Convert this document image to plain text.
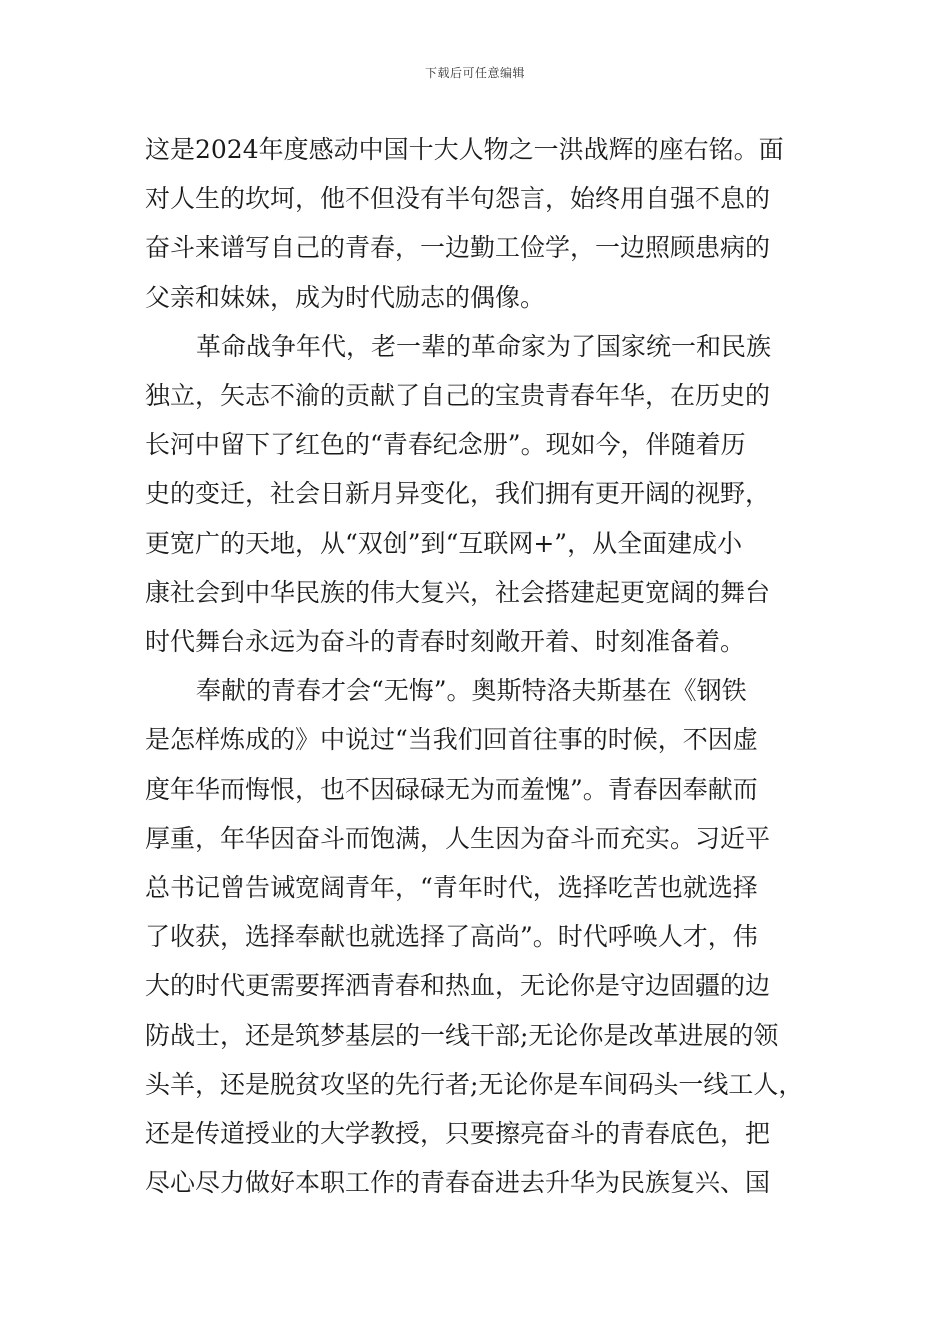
下载后可任意编辑
这是2024年度感动中国十大人物之一洪战辉的座右铭。面
对人生的坎坷，他不但没有半句怨言，始终用自强不息的
奋斗来谱写自己的青春，一边勤工俭学，一边照顾患病的
父亲和妹妹，成为时代励志的偶像。
革命战争年代，老一辈的革命家为了国家统一和民族
独立，矢志不渝的贡献了自己的宝贵青春年华，在历史的
长河中留下了红色的“青春纪念册”。现如今，伴随着历
史的变迁，社会日新月异变化，我们拥有更开阔的视野，
更宽广的天地，从“双创”到“互联网+”，从全面建成小
康社会到中华民族的伟大复兴，社会搭建起更宽阔的舞台
时代舞台永远为奋斗的青春时刻敞开着、时刻准备着。
奉献的青春才会“无悔”。奥斯特洛夫斯基在《钢铁
是怎样炼成的》中说过“当我们回首往事的时候，不因虚
度年华而悔恨，也不因碌碌无为而羞愧”。青春因奉献而
厚重，年华因奋斗而饱满，人生因为奋斗而充实。习近平
总书记曾告诫宽阔青年，“青年时代，选择吃苦也就选择
了收获，选择奉献也就选择了高尚”。时代呼唤人才，伟
大的时代更需要挥洒青春和热血，无论你是守边固疆的边
防战士，还是筑梦基层的一线干部;无论你是改革进展的领
头羊，还是脱贫攻坚的先行者;无论你是车间码头一线工人，
还是传道授业的大学教授，只要擦亮奋斗的青春底色，把
尽心尽力做好本职工作的青春奋进去升华为民族复兴、国
